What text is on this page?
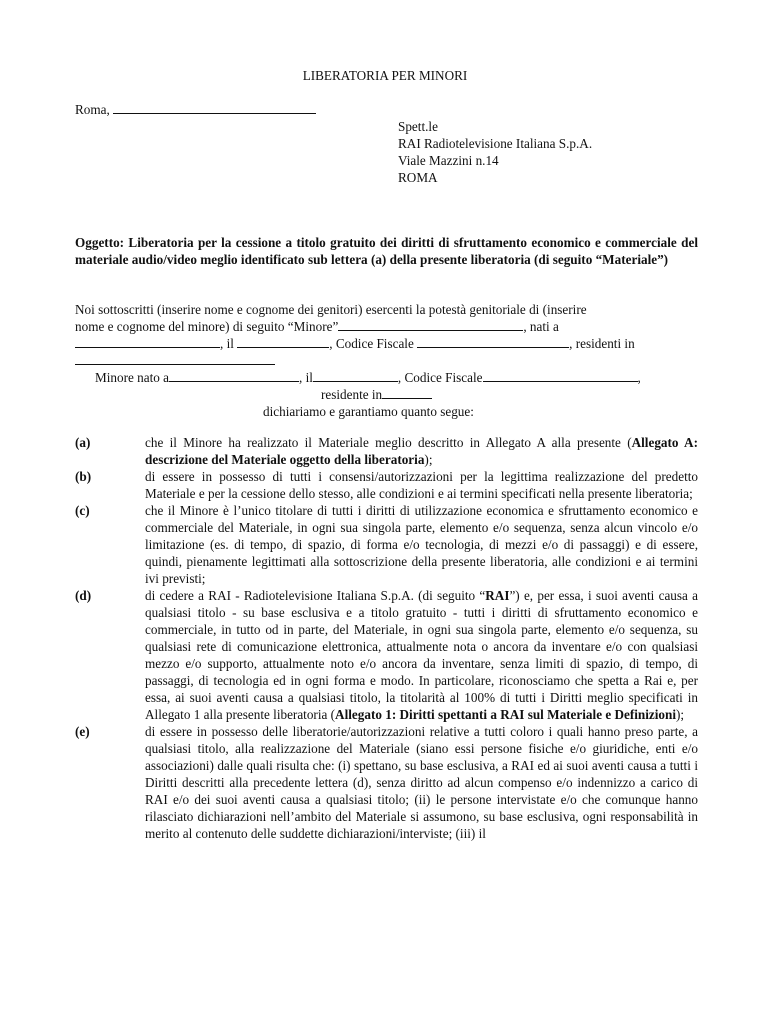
LIBERATORIA PER MINORI
Roma,
Spett.le
RAI Radiotelevisione Italiana S.p.A.
Viale Mazzini n.14
ROMA
Oggetto: Liberatoria per la cessione a titolo gratuito dei diritti di sfruttamento economico e commerciale del materiale audio/video meglio identificato sub lettera (a) della presente liberatoria (di seguito “Materiale”)
Noi sottoscritti (inserire nome e cognome dei genitori) esercenti la potestà genitoriale di (inserire
nome e cognome del minore) di seguito “Minore”	, nati a
, il	, Codice Fiscale	, residenti in
Minore nato a	, il	, Codice Fiscale	,
residente in
dichiariamo e garantiamo quanto segue:
(a)	che il Minore ha realizzato il Materiale meglio descritto in Allegato A alla presente (Allegato A: descrizione del Materiale oggetto della liberatoria);
(b)	di essere in possesso di tutti i consensi/autorizzazioni per la legittima realizzazione del predetto Materiale e per la cessione dello stesso, alle condizioni e ai termini specificati nella presente liberatoria;
(c)	che il Minore è l’unico titolare di tutti i diritti di utilizzazione economica e sfruttamento economico e commerciale del Materiale, in ogni sua singola parte, elemento e/o sequenza, senza alcun vincolo e/o limitazione (es. di tempo, di spazio, di forma e/o tecnologia, di mezzi e/o di passaggi) e di essere, quindi, pienamente legittimati alla sottoscrizione della presente liberatoria, alle condizioni e ai termini ivi previsti;
(d)	di cedere a RAI - Radiotelevisione Italiana S.p.A. (di seguito “RAI”) e, per essa, i suoi aventi causa a qualsiasi titolo - su base esclusiva e a titolo gratuito - tutti i diritti di sfruttamento economico e commerciale, in tutto od in parte, del Materiale, in ogni sua singola parte, elemento e/o sequenza, su qualsiasi rete di comunicazione elettronica, attualmente nota o ancora da inventare e/o con qualsiasi mezzo e/o supporto, attualmente noto e/o ancora da inventare, senza limiti di spazio, di tempo, di passaggi, di tecnologia ed in ogni forma e modo. In particolare, riconosciamo che spetta a Rai e, per essa, ai suoi aventi causa a qualsiasi titolo, la titolarità al 100% di tutti i Diritti meglio specificati in Allegato 1 alla presente liberatoria (Allegato 1: Diritti spettanti a RAI sul Materiale e Definizioni);
(e)	di essere in possesso delle liberatorie/autorizzazioni relative a tutti coloro i quali hanno preso parte, a qualsiasi titolo, alla realizzazione del Materiale (siano essi persone fisiche e/o giuridiche, enti e/o associazioni) dalle quali risulta che: (i) spettano, su base esclusiva, a RAI ed ai suoi aventi causa a tutti i Diritti descritti alla precedente lettera (d), senza diritto ad alcun compenso e/o indennizzo a carico di RAI e/o dei suoi aventi causa a qualsiasi titolo; (ii) le persone intervistate e/o che comunque hanno rilasciato dichiarazioni nell’ambito del Materiale si assumono, su base esclusiva, ogni responsabilità in merito al contenuto delle suddette dichiarazioni/interviste; (iii) il
